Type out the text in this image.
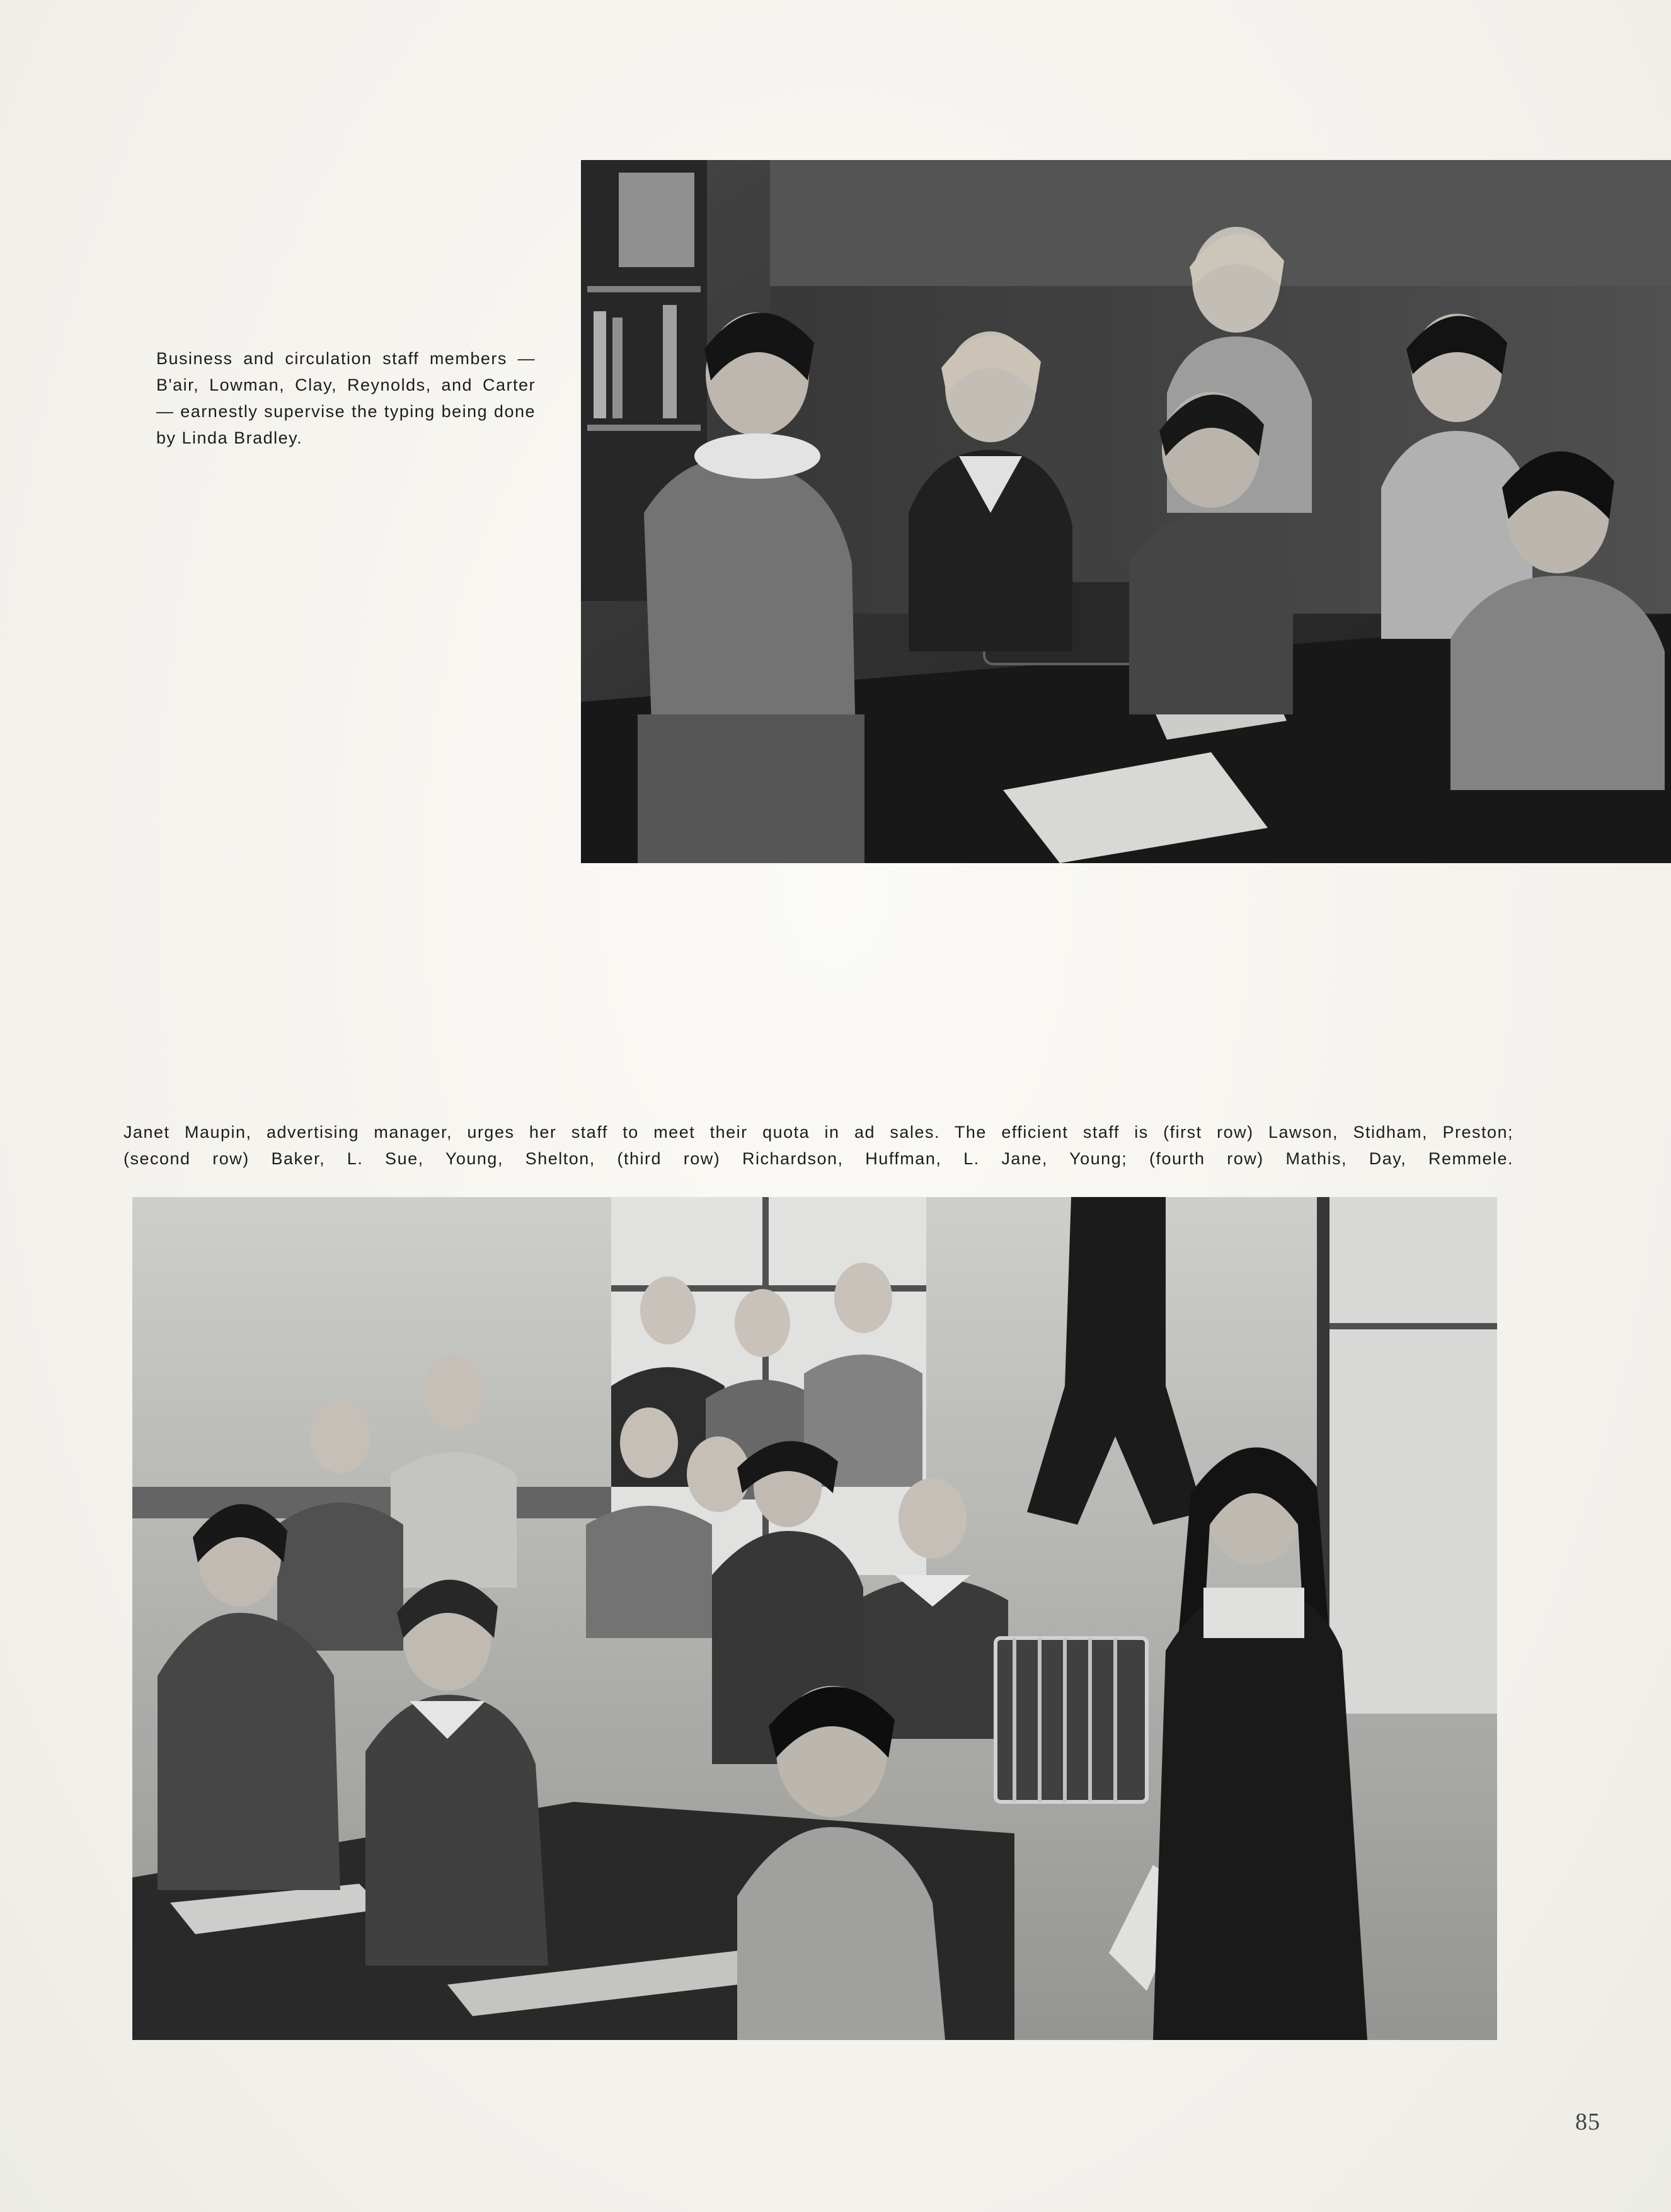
Business and circulation staff members — B'air, Lowman, Clay, Reynolds, and Carter — earnestly supervise the typing being done by Linda Bradley.

Janet Maupin, advertising manager, urges her staff to meet their quota in ad sales. The efficient staff is (first row) Lawson, Stidham, Preston; (second row) Baker, L. Sue, Young, Shelton, (third row) Richardson, Huffman, L. Jane, Young; (fourth row) Mathis, Day, Remmele.

85
